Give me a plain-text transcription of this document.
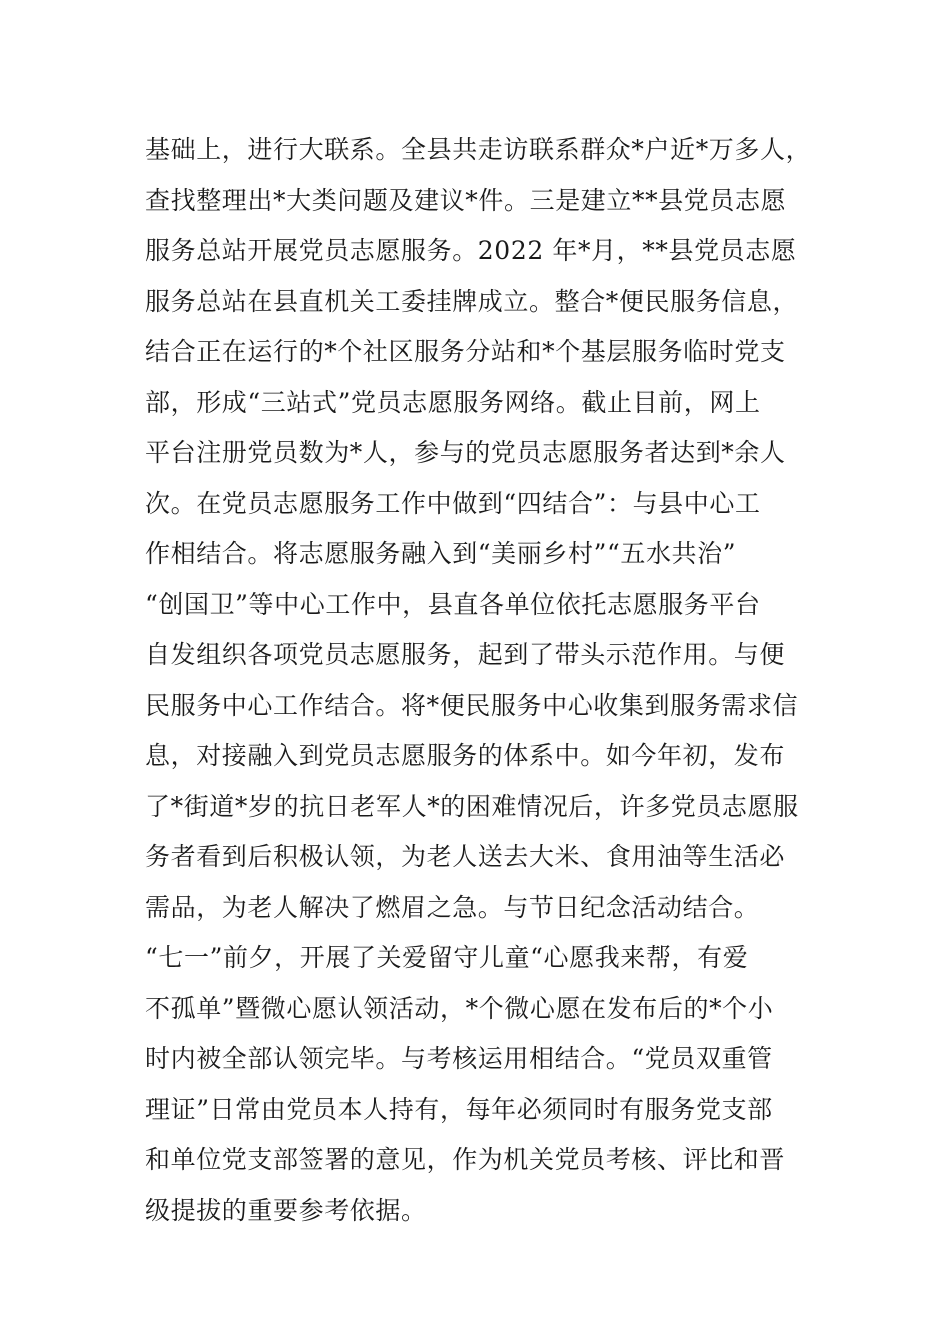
基础上，进行大联系。全县共走访联系群众*户近*万多人，
查找整理出*大类问题及建议*件。三是建立**县党员志愿
服务总站开展党员志愿服务。2022 年*月，**县党员志愿
服务总站在县直机关工委挂牌成立。整合*便民服务信息，
结合正在运行的*个社区服务分站和*个基层服务临时党支
部，形成“三站式”党员志愿服务网络。截止目前，网上
平台注册党员数为*人，参与的党员志愿服务者达到*余人
次。在党员志愿服务工作中做到“四结合”：与县中心工
作相结合。将志愿服务融入到“美丽乡村”“五水共治”
“创国卫”等中心工作中，县直各单位依托志愿服务平台
自发组织各项党员志愿服务，起到了带头示范作用。与便
民服务中心工作结合。将*便民服务中心收集到服务需求信
息，对接融入到党员志愿服务的体系中。如今年初，发布
了*街道*岁的抗日老军人*的困难情况后，许多党员志愿服
务者看到后积极认领，为老人送去大米、食用油等生活必
需品，为老人解决了燃眉之急。与节日纪念活动结合。
“七一”前夕，开展了关爱留守儿童“心愿我来帮，有爱
不孤单”暨微心愿认领活动，*个微心愿在发布后的*个小
时内被全部认领完毕。与考核运用相结合。“党员双重管
理证”日常由党员本人持有，每年必须同时有服务党支部
和单位党支部签署的意见，作为机关党员考核、评比和晋
级提拔的重要参考依据。
